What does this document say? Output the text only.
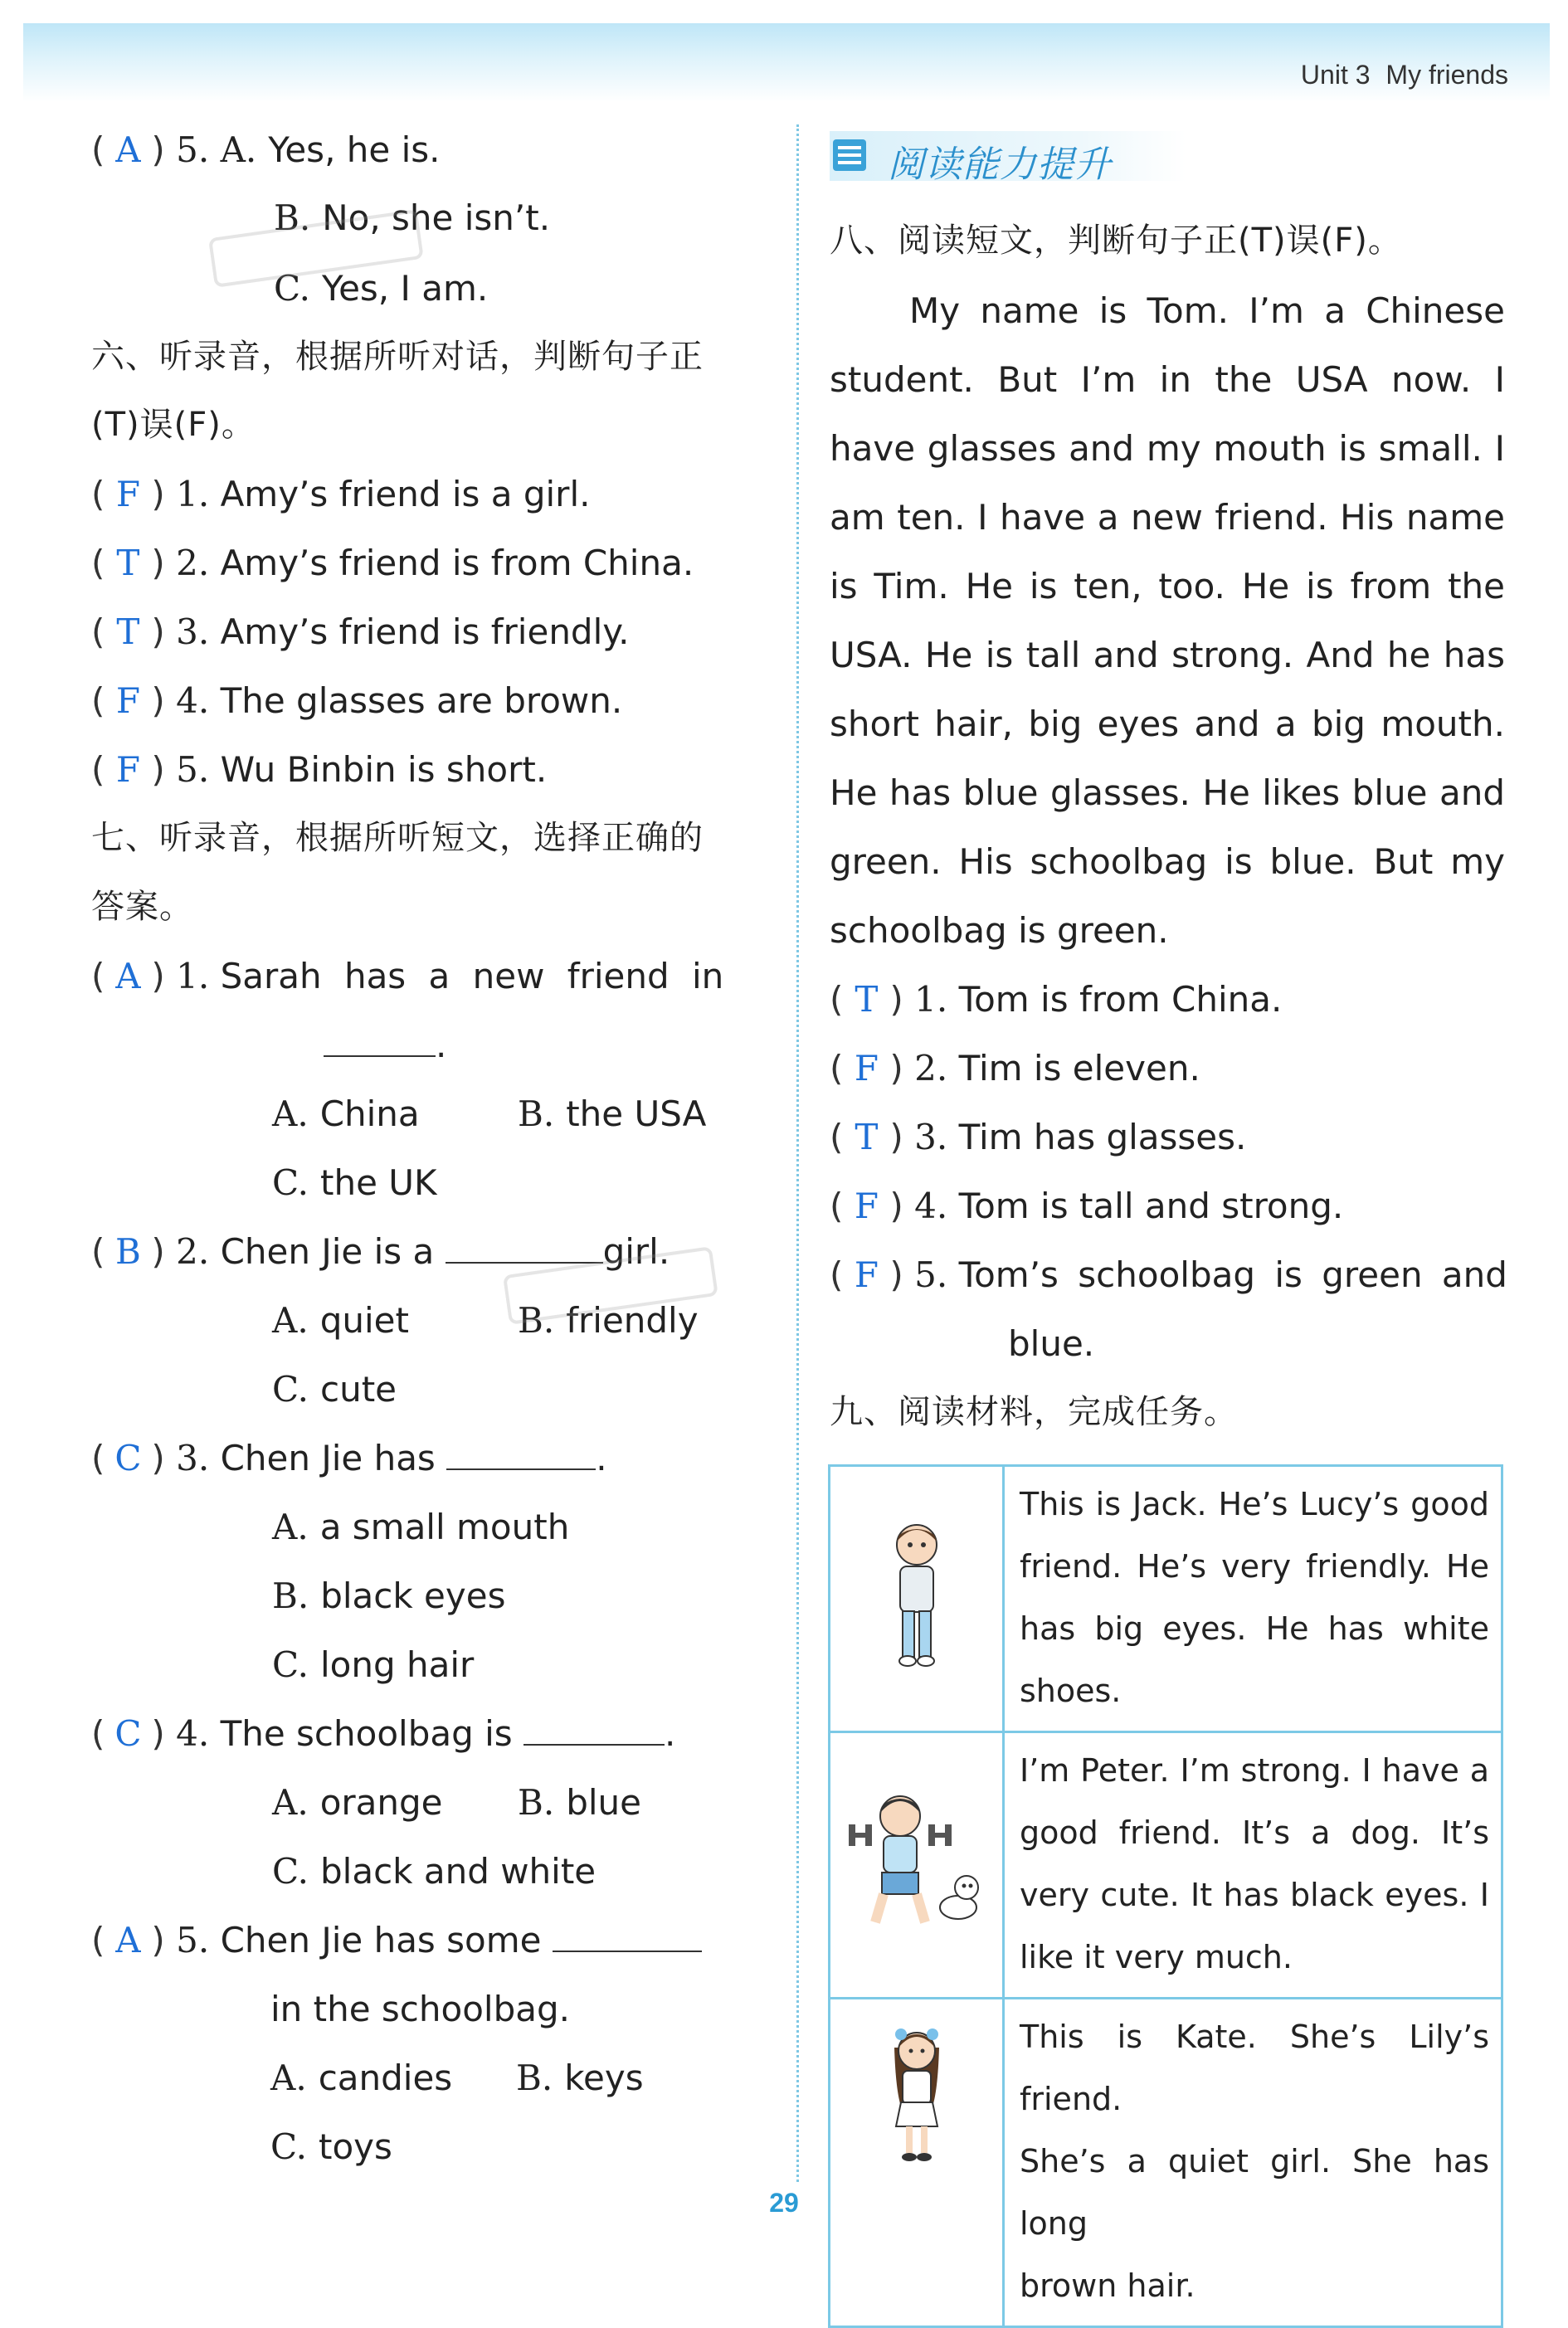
Unit 3 My friends
( A ) 5. A. Yes, he is.
B. No, she isn’t.
C. Yes, I am.
六、听录音，根据所听对话，判断句子正
(T)误(F)。
( F ) 1. Amy’s friend is a girl.
( T ) 2. Amy’s friend is from China.
( T ) 3. Amy’s friend is friendly.
( F ) 4. The glasses are brown.
( F ) 5. Wu Binbin is short.
七、听录音，根据所听短文，选择正确的
答案。
( A ) 1. Sarah has a new friend in
.
A. China	B. the USA
C. the UK
( B ) 2. Chen Jie is a	girl.
A. quiet	B. friendly
C. cute
( C ) 3. Chen Jie has	.
A. a small mouth
B. black eyes
C. long hair
( C ) 4. The schoolbag is	.
A. orange B. blue
C. black and white
( A ) 5. Chen Jie has some
in the schoolbag.
A. candies B. keys
C. toys
阅读能力提升
八、阅读短文，判断句子正(T)误(F)。
My name is Tom. I’m a Chinese
student. But I’m in the USA now. I
have glasses and my mouth is small. I
am ten. I have a new friend. His name
is Tim. He is ten, too. He is from the
USA. He is tall and strong. And he has
short hair, big eyes and a big mouth.
He has blue glasses. He likes blue and
green. His schoolbag is blue. But my
schoolbag is green.
( T ) 1. Tom is from China.
( F ) 2. Tim is eleven.
( T ) 3. Tim has glasses.
( F ) 4. Tom is tall and strong.
( F ) 5. Tom’s schoolbag is green and
blue.
九、阅读材料，完成任务。

This is Jack. He’s Lucy’s good
friend. He’s very friendly. He
has big eyes. He has white
shoes.

I’m Peter. I’m strong. I have a
good friend. It’s a dog. It’s
very cute. It has black eyes. I
like it very much.

This is Kate. She’s Lily’s friend.
She’s a quiet girl. She has long
brown hair.
29
